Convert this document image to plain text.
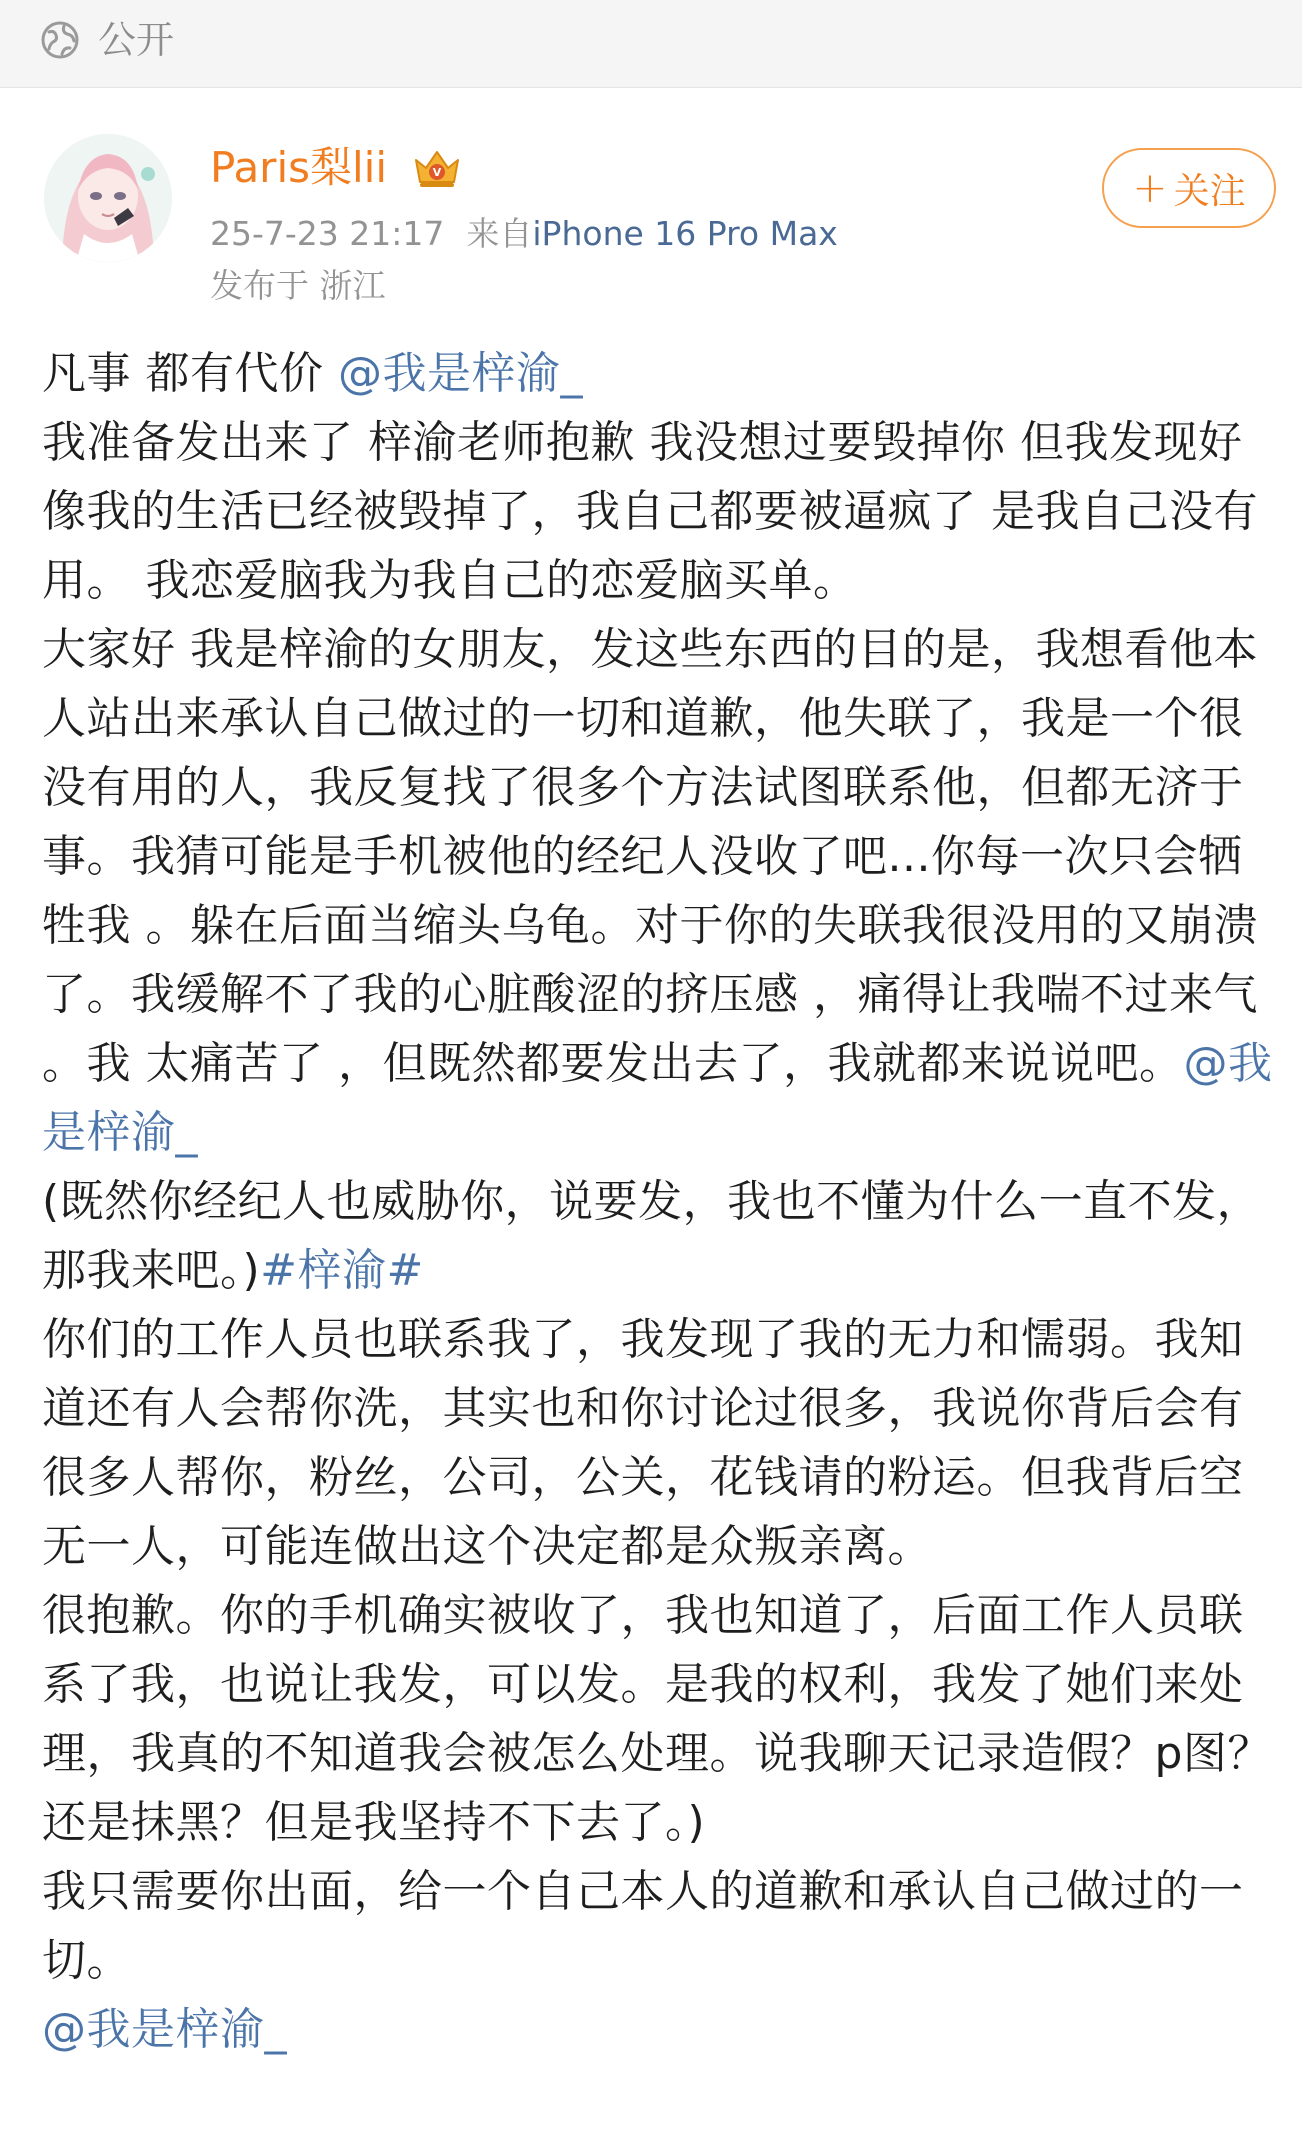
公开
Paris梨lii	V
25-7-23 21:17 来自iPhone 16 Pro Max
发布于 浙江
+ 关注

凡事 都有代价 @我是梓渝_

我准备发出来了 梓渝老师抱歉 我没想过要毁掉你 但我发现好像我的生活已经被毁掉了，我自己都要被逼疯了 是我自己没有用。 我恋爱脑我为我自己的恋爱脑买单。

大家好 我是梓渝的女朋友，发这些东西的目的是，我想看他本人站出来承认自己做过的一切和道歉，他失联了，我是一个很没有用的人，我反复找了很多个方法试图联系他，但都无济于事。我猜可能是手机被他的经纪人没收了吧...你每一次只会牺牲我 。躲在后面当缩头乌龟。对于你的失联我很没用的又崩溃了。我缓解不了我的心脏酸涩的挤压感 ，痛得让我喘不过来气 。我 太痛苦了 ，但既然都要发出去了，我就都来说说吧。@我是梓渝_

(既然你经纪人也威胁你，说要发，我也不懂为什么一直不发，那我来吧。)#梓渝#

你们的工作人员也联系我了，我发现了我的无力和懦弱。我知道还有人会帮你洗，其实也和你讨论过很多，我说你背后会有很多人帮你，粉丝，公司，公关，花钱请的粉运。但我背后空无一人，可能连做出这个决定都是众叛亲离。

很抱歉。你的手机确实被收了，我也知道了，后面工作人员联系了我，也说让我发，可以发。是我的权利，我发了她们来处理，我真的不知道我会被怎么处理。说我聊天记录造假？p图？还是抹黑？但是我坚持不下去了。)

我只需要你出面，给一个自己本人的道歉和承认自己做过的一切。

@我是梓渝_
